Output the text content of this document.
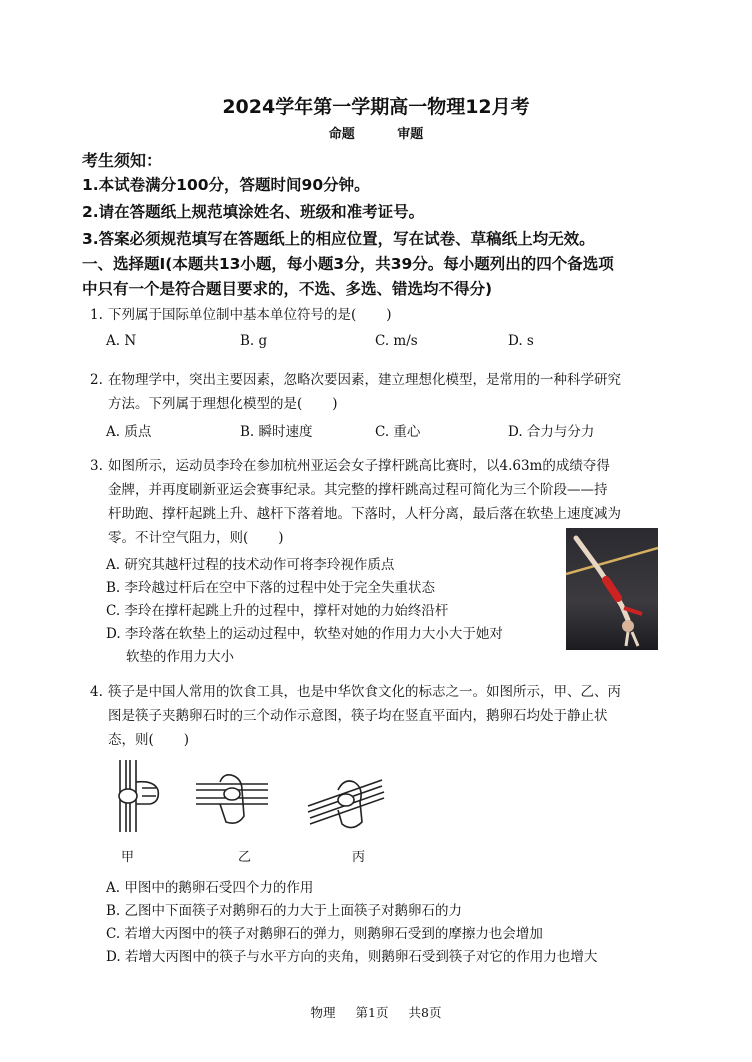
2024学年第一学期高一物理12月考
命题 审题
考生须知：
1.本试卷满分100分，答题时间90分钟。
2.请在答题纸上规范填涂姓名、班级和准考证号。
3.答案必须规范填写在答题纸上的相应位置，写在试卷、草稿纸上均无效。
一、选择题Ⅰ(本题共13小题，每小题3分，共39分。每小题列出的四个备选项
中只有一个是符合题目要求的，不选、多选、错选均不得分)
1. 下列属于国际单位制中基本单位符号的是( )
A. N	B. g	C. m/s	D. s
2. 在物理学中，突出主要因素，忽略次要因素，建立理想化模型，是常用的一种科学研究
方法。下列属于理想化模型的是( )
A. 质点	B. 瞬时速度	C. 重心	D. 合力与分力
3. 如图所示，运动员李玲在参加杭州亚运会女子撑杆跳高比赛时，以4.63m的成绩夺得
金牌，并再度刷新亚运会赛事纪录。其完整的撑杆跳高过程可简化为三个阶段——持
杆助跑、撑杆起跳上升、越杆下落着地。下落时，人杆分离，最后落在软垫上速度减为
零。不计空气阻力，则( )
A. 研究其越杆过程的技术动作可将李玲视作质点
B. 李玲越过杆后在空中下落的过程中处于完全失重状态
C. 李玲在撑杆起跳上升的过程中，撑杆对她的力始终沿杆
D. 李玲落在软垫上的运动过程中，软垫对她的作用力大小大于她对
软垫的作用力大小
4. 筷子是中国人常用的饮食工具，也是中华饮食文化的标志之一。如图所示，甲、乙、丙
图是筷子夹鹅卵石时的三个动作示意图，筷子均在竖直平面内，鹅卵石均处于静止状
态，则( )
甲	乙	丙
A. 甲图中的鹅卵石受四个力的作用
B. 乙图中下面筷子对鹅卵石的力大于上面筷子对鹅卵石的力
C. 若增大丙图中的筷子对鹅卵石的弹力，则鹅卵石受到的摩擦力也会增加
D. 若增大丙图中的筷子与水平方向的夹角，则鹅卵石受到筷子对它的作用力也增大
物理 第1页 共8页
